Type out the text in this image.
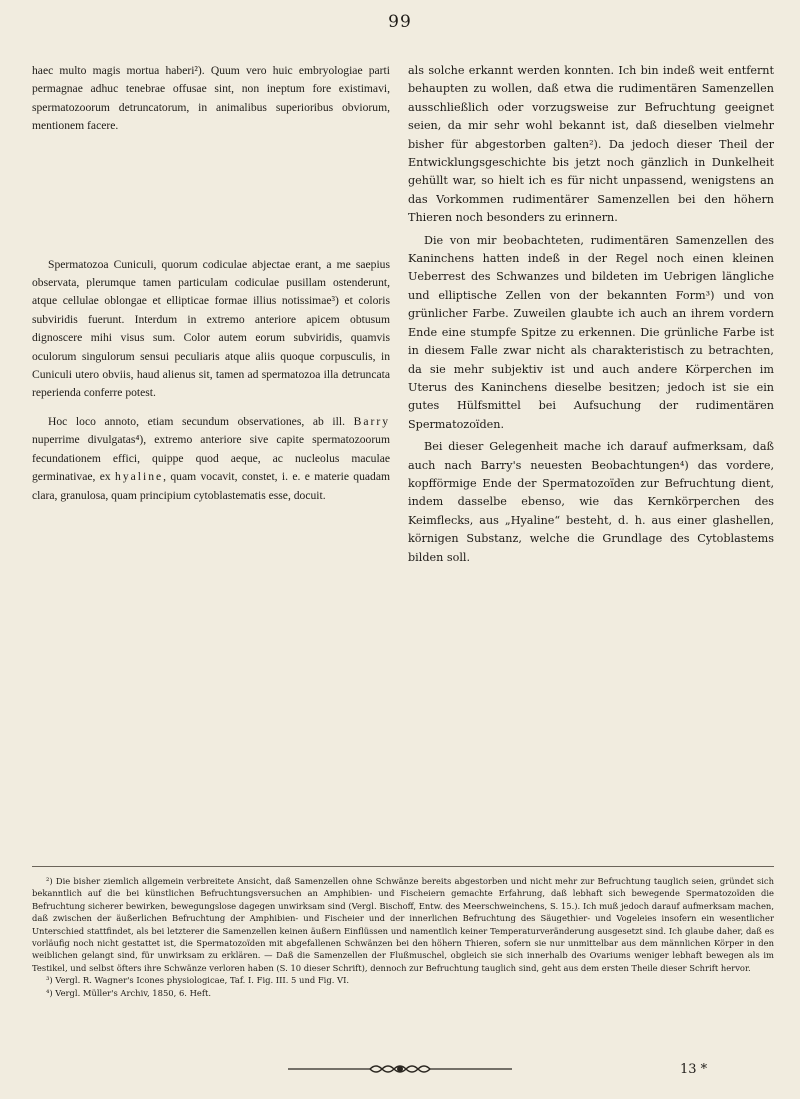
99

haec multo magis mortua haberi²). Quum vero huic embryologiae parti permagnae adhuc tenebrae offusae sint, non ineptum fore existimavi, spermatozoorum detruncatorum, in animalibus superioribus obviorum, mentionem facere.

Spermatozoa Cuniculi, quorum codiculae abjectae erant, a me saepius observata, plerumque tamen particulam codiculae pusillam ostenderunt, atque cellulae oblongae et ellipticae formae illius notissimae³) et coloris subviridis fuerunt. Interdum in extremo anteriore apicem obtusum dignoscere mihi visus sum. Color autem eorum subviridis, quamvis oculorum singulorum sensui peculiaris atque aliis quoque corpusculis, in Cuniculi utero obviis, haud alienus sit, tamen ad spermatozoa illa detruncata reperienda conferre potest.

Hoc loco annoto, etiam secundum observationes, ab ill. Barry nuperrime divulgatas⁴), extremo anteriore sive capite spermatozoorum fecundationem effici, quippe quod aeque, ac nucleolus maculae germinativae, ex hyaline, quam vocavit, constet, i. e. e materie quadam clara, granulosa, quam principium cytoblastematis esse, docuit.

als solche erkannt werden konnten. Ich bin indeß weit entfernt behaupten zu wollen, daß etwa die rudimentären Samenzellen ausschließlich oder vorzugsweise zur Befruchtung geeignet seien, da mir sehr wohl bekannt ist, daß dieselben vielmehr bisher für abgestorben galten²). Da jedoch dieser Theil der Entwicklungsgeschichte bis jetzt noch gänzlich in Dunkelheit gehüllt war, so hielt ich es für nicht unpassend, wenigstens an das Vorkommen rudimentärer Samenzellen bei den höhern Thieren noch besonders zu erinnern.

Die von mir beobachteten, rudimentären Samenzellen des Kaninchens hatten indeß in der Regel noch einen kleinen Ueberrest des Schwanzes und bildeten im Uebrigen längliche und elliptische Zellen von der bekannten Form³) und von grünlicher Farbe. Zuweilen glaubte ich auch an ihrem vordern Ende eine stumpfe Spitze zu erkennen. Die grünliche Farbe ist in diesem Falle zwar nicht als charakteristisch zu betrachten, da sie mehr subjektiv ist und auch andere Körperchen im Uterus des Kaninchens dieselbe besitzen; jedoch ist sie ein gutes Hülfsmittel bei Aufsuchung der rudimentären Spermatozoïden.

Bei dieser Gelegenheit mache ich darauf aufmerksam, daß auch nach Barry's neuesten Beobachtungen⁴) das vordere, kopfförmige Ende der Spermatozoïden zur Befruchtung dient, indem dasselbe ebenso, wie das Kernkörperchen des Keimflecks, aus „Hyaline“ besteht, d. h. aus einer glashellen, körnigen Substanz, welche die Grundlage des Cytoblastems bilden soll.

²) Die bisher ziemlich allgemein verbreitete Ansicht, daß Samenzellen ohne Schwänze bereits abgestorben und nicht mehr zur Befruchtung tauglich seien, gründet sich bekanntlich auf die bei künstlichen Befruchtungsversuchen an Amphibien- und Fischeiern gemachte Erfahrung, daß lebhaft sich bewegende Spermatozoïden die Befruchtung sicherer bewirken, bewegungslose dagegen unwirksam sind (Vergl. Bischoff, Entw. des Meerschweinchens, S. 15.). Ich muß jedoch darauf aufmerksam machen, daß zwischen der äußerlichen Befruchtung der Amphibien- und Fischeier und der innerlichen Befruchtung des Säugethier- und Vogeleies insofern ein wesentlicher Unterschied stattfindet, als bei letzterer die Samenzellen keinen äußern Einflüssen und namentlich keiner Temperaturveränderung ausgesetzt sind. Ich glaube daher, daß es vorläufig noch nicht gestattet ist, die Spermatozoïden mit abgefallenen Schwänzen bei den höhern Thieren, sofern sie nur unmittelbar aus dem männlichen Körper in den weiblichen gelangt sind, für unwirksam zu erklären. — Daß die Samenzellen der Flußmuschel, obgleich sie sich innerhalb des Ovariums weniger lebhaft bewegen als im Testikel, und selbst öfters ihre Schwänze verloren haben (S. 10 dieser Schrift), dennoch zur Befruchtung tauglich sind, geht aus dem ersten Theile dieser Schrift hervor.

³) Vergl. R. Wagner's Icones physiologicae, Taf. I. Fig. III. 5 und Fig. VI.

⁴) Vergl. Müller's Archiv, 1850, 6. Heft.

13 *
